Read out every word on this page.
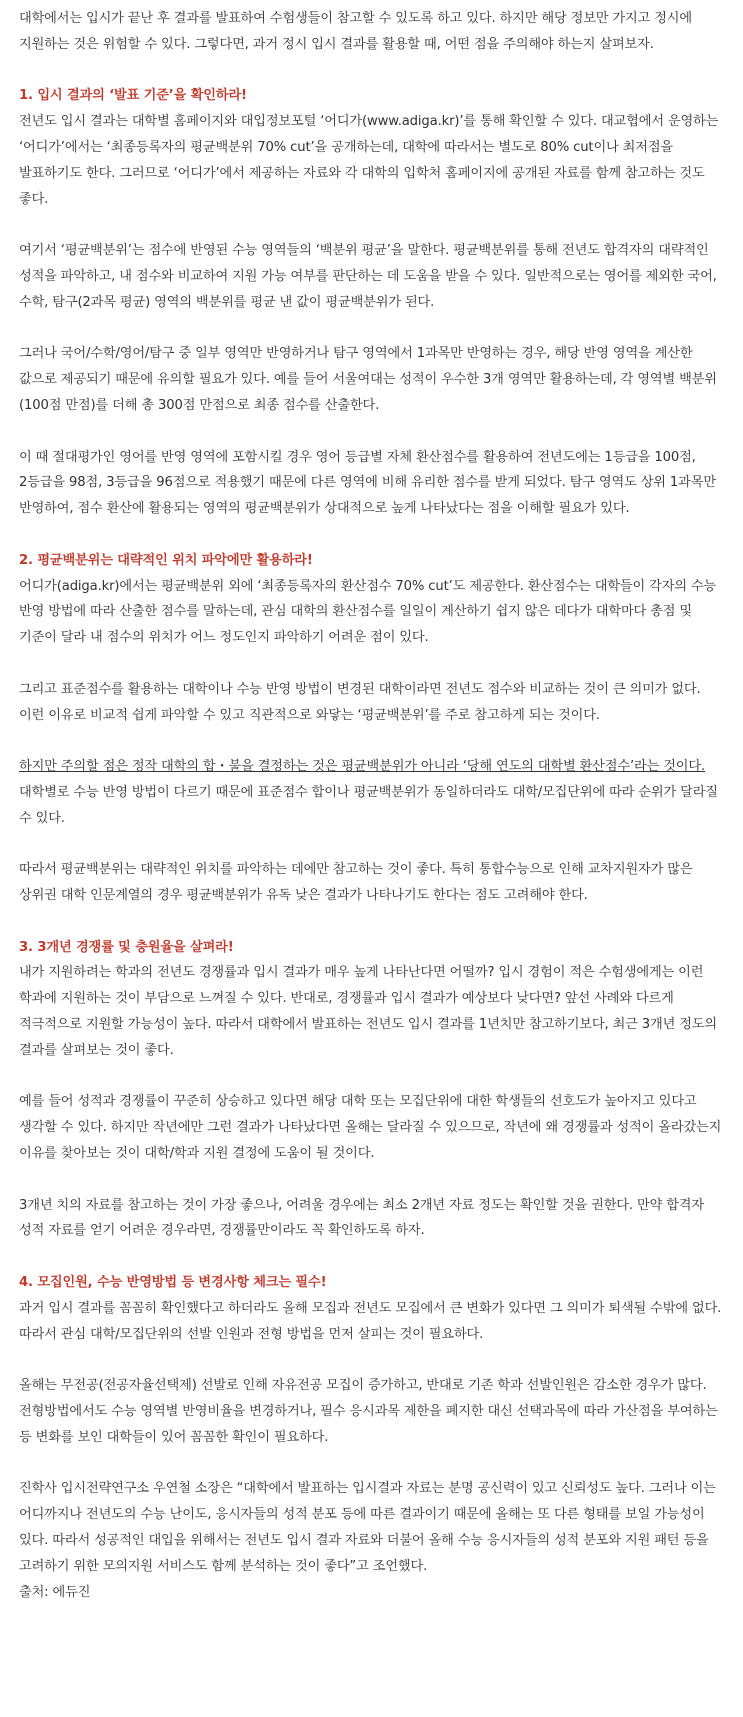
대학에서는 입시가 끝난 후 결과를 발표하여 수험생들이 참고할 수 있도록 하고 있다. 하지만 해당 정보만 가지고 정시에 지원하는 것은 위험할 수 있다. 그렇다면, 과거 정시 입시 결과를 활용할 때, 어떤 점을 주의해야 하는지 살펴보자.

1. 입시 결과의 ‘발표 기준’을 확인하라!

전년도 입시 결과는 대학별 홈페이지와 대입정보포털 ‘어디가(www.adiga.kr)’를 통해 확인할 수 있다. 대교협에서 운영하는 ‘어디가’에서는 ‘최종등록자의 평균백분위 70% cut’을 공개하는데, 대학에 따라서는 별도로 80% cut이나 최저점을 발표하기도 한다. 그러므로 ‘어디가’에서 제공하는 자료와 각 대학의 입학처 홈페이지에 공개된 자료를 함께 참고하는 것도 좋다.

여기서 ‘평균백분위’는 점수에 반영된 수능 영역들의 ‘백분위 평균’을 말한다. 평균백분위를 통해 전년도 합격자의 대략적인 성적을 파악하고, 내 점수와 비교하여 지원 가능 여부를 판단하는 데 도움을 받을 수 있다. 일반적으로는 영어를 제외한 국어, 수학, 탐구(2과목 평균) 영역의 백분위를 평균 낸 값이 평균백분위가 된다.

그러나 국어/수학/영어/탐구 중 일부 영역만 반영하거나 탐구 영역에서 1과목만 반영하는 경우, 해당 반영 영역을 계산한 값으로 제공되기 때문에 유의할 필요가 있다. 예를 들어 서울여대는 성적이 우수한 3개 영역만 활용하는데, 각 영역별 백분위(100점 만점)를 더해 총 300점 만점으로 최종 점수를 산출한다.

이 때 절대평가인 영어를 반영 영역에 포함시킬 경우 영어 등급별 자체 환산점수를 활용하여 전년도에는 1등급을 100점, 2등급을 98점, 3등급을 96점으로 적용했기 때문에 다른 영역에 비해 유리한 점수를 받게 되었다. 탐구 영역도 상위 1과목만 반영하여, 점수 환산에 활용되는 영역의 평균백분위가 상대적으로 높게 나타났다는 점을 이해할 필요가 있다.

2. 평균백분위는 대략적인 위치 파악에만 활용하라!

어디가(adiga.kr)에서는 평균백분위 외에 ‘최종등록자의 환산점수 70% cut’도 제공한다. 환산점수는 대학들이 각자의 수능 반영 방법에 따라 산출한 점수를 말하는데, 관심 대학의 환산점수를 일일이 계산하기 쉽지 않은 데다가 대학마다 총점 및 기준이 달라 내 점수의 위치가 어느 정도인지 파악하기 어려운 점이 있다.

그리고 표준점수를 활용하는 대학이나 수능 반영 방법이 변경된 대학이라면 전년도 점수와 비교하는 것이 큰 의미가 없다. 이런 이유로 비교적 쉽게 파악할 수 있고 직관적으로 와닿는 ‘평균백분위’를 주로 참고하게 되는 것이다.

하지만 주의할 점은 정작 대학의 합・불을 결정하는 것은 평균백분위가 아니라 ‘당해 연도의 대학별 환산점수’라는 것이다. 대학별로 수능 반영 방법이 다르기 때문에 표준점수 합이나 평균백분위가 동일하더라도 대학/모집단위에 따라 순위가 달라질 수 있다.

따라서 평균백분위는 대략적인 위치를 파악하는 데에만 참고하는 것이 좋다. 특히 통합수능으로 인해 교차지원자가 많은 상위권 대학 인문계열의 경우 평균백분위가 유독 낮은 결과가 나타나기도 한다는 점도 고려해야 한다.

3. 3개년 경쟁률 및 충원율을 살펴라!

내가 지원하려는 학과의 전년도 경쟁률과 입시 결과가 매우 높게 나타난다면 어떨까? 입시 경험이 적은 수험생에게는 이런 학과에 지원하는 것이 부담으로 느껴질 수 있다. 반대로, 경쟁률과 입시 결과가 예상보다 낮다면? 앞선 사례와 다르게 적극적으로 지원할 가능성이 높다. 따라서 대학에서 발표하는 전년도 입시 결과를 1년치만 참고하기보다, 최근 3개년 정도의 결과를 살펴보는 것이 좋다.

예를 들어 성적과 경쟁률이 꾸준히 상승하고 있다면 해당 대학 또는 모집단위에 대한 학생들의 선호도가 높아지고 있다고 생각할 수 있다. 하지만 작년에만 그런 결과가 나타났다면 올해는 달라질 수 있으므로, 작년에 왜 경쟁률과 성적이 올라갔는지 이유를 찾아보는 것이 대학/학과 지원 결정에 도움이 될 것이다.

3개년 치의 자료를 참고하는 것이 가장 좋으나, 어려울 경우에는 최소 2개년 자료 정도는 확인할 것을 권한다. 만약 합격자 성적 자료를 얻기 어려운 경우라면, 경쟁률만이라도 꼭 확인하도록 하자.

4. 모집인원, 수능 반영방법 등 변경사항 체크는 필수!

과거 입시 결과를 꼼꼼히 확인했다고 하더라도 올해 모집과 전년도 모집에서 큰 변화가 있다면 그 의미가 퇴색될 수밖에 없다. 따라서 관심 대학/모집단위의 선발 인원과 전형 방법을 먼저 살피는 것이 필요하다.

올해는 무전공(전공자율선택제) 선발로 인해 자유전공 모집이 증가하고, 반대로 기존 학과 선발인원은 감소한 경우가 많다. 전형방법에서도 수능 영역별 반영비율을 변경하거나, 필수 응시과목 제한을 폐지한 대신 선택과목에 따라 가산점을 부여하는 등 변화를 보인 대학들이 있어 꼼꼼한 확인이 필요하다.

진학사 입시전략연구소 우연철 소장은 “대학에서 발표하는 입시결과 자료는 분명 공신력이 있고 신뢰성도 높다. 그러나 이는 어디까지나 전년도의 수능 난이도, 응시자들의 성적 분포 등에 따른 결과이기 때문에 올해는 또 다른 형태를 보일 가능성이 있다. 따라서 성공적인 대입을 위해서는 전년도 입시 결과 자료와 더불어 올해 수능 응시자들의 성적 분포와 지원 패턴 등을 고려하기 위한 모의지원 서비스도 함께 분석하는 것이 좋다”고 조언했다.

출처: 에듀진
